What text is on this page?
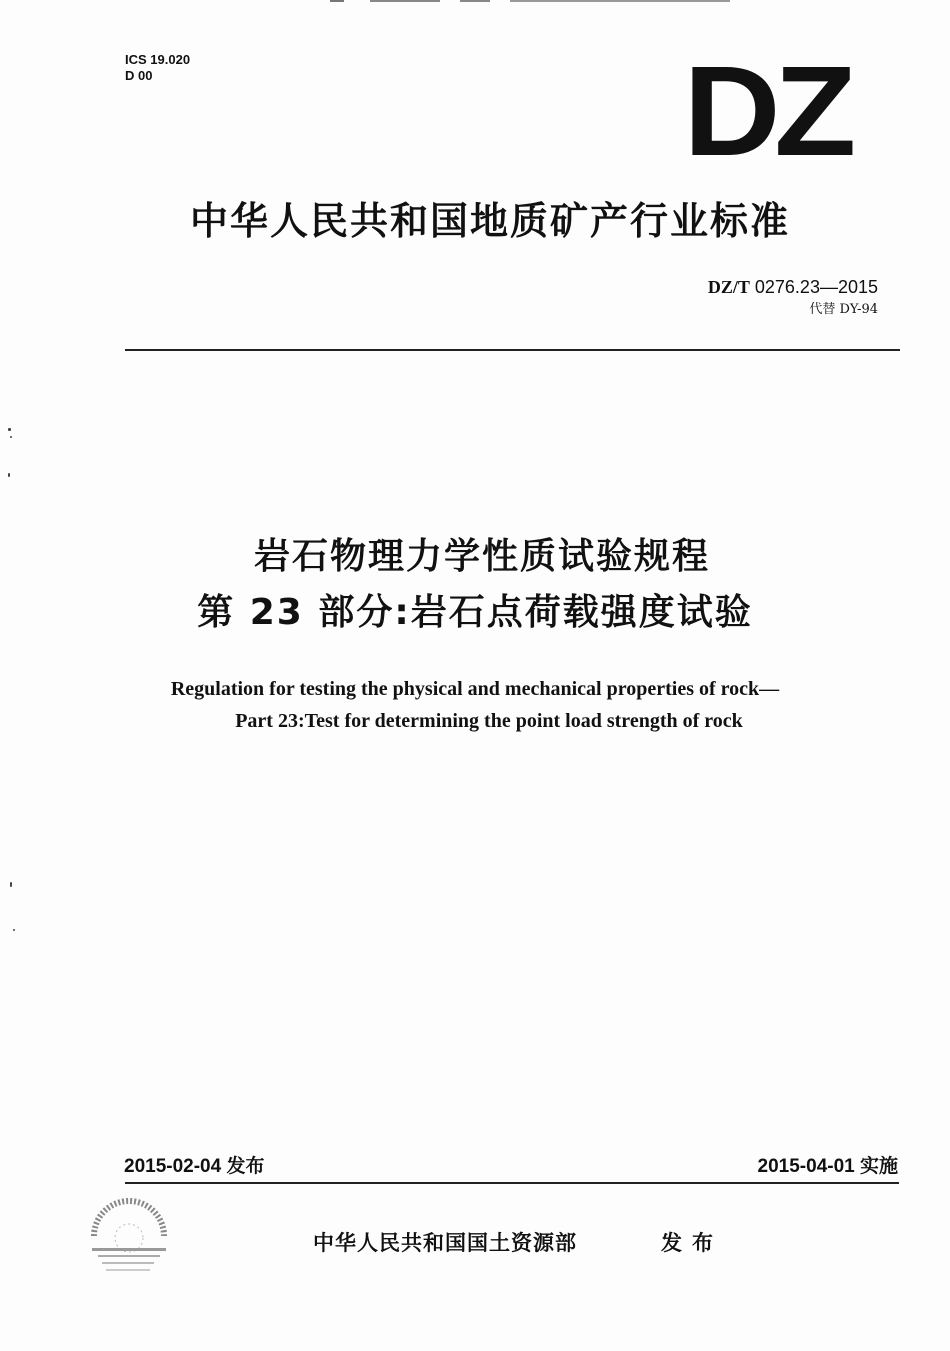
ICS 19.020
D 00	DZ
中华人民共和国地质矿产行业标准
DZ/T 0276.23—2015
代替 DY-94
岩石物理力学性质试验规程
第 23 部分:岩石点荷载强度试验
Regulation for testing the physical and mechanical properties of rock—
Part 23:Test for determining the point load strength of rock
2015-02-04 发布	2015-04-01 实施
中华人民共和国国土资源部	发布
